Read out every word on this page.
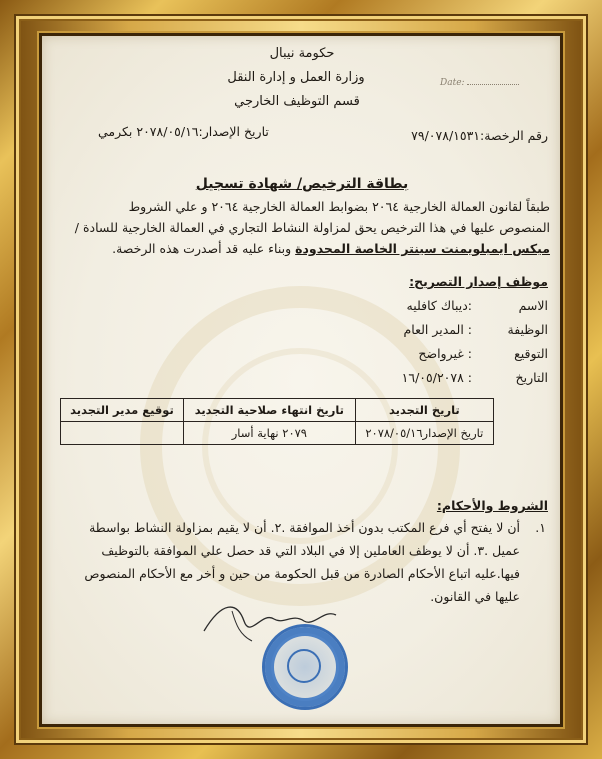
حكومة نيبال
وزارة العمل و إدارة النقل
قسم التوظيف الخارجي
Date:
رقم الرخصة:٧٩/٠٧٨/١٥٣١
تاريخ الإصدار:٢٠٧٨/٠٥/١٦ بكرمي
بطاقة الترخيص/ شهادة تسجيل
طبقاً لقانون العمالة الخارجية ٢٠٦٤ بضوابط العمالة الخارجية ٢٠٦٤ و علي الشروط
المنصوص عليها في هذا الترخيص يحق لمزاولة النشاط التجاري في العمالة الخارجية للسادة /
ميكس ايمبلويمنت سينتر الخاصة المحدودة وبناء عليه قد أصدرت هذه الرخصة.
موظف إصدار التصريح:
الاسم
:ديباك كافليه
الوظيفة
: المدير العام
التوقيع
: غيرواضح
التاريخ
: ١٦/٠٥/٢٠٧٨
تاريخ التجديد	تاريخ انتهاء صلاحية التجديد	توقيع مدير التجديد
تاريخ الإصدار٢٠٧٨/٠٥/١٦	٢٠٧٩ نهاية أسار	
الشروط والأحكام:
١.
أن لا يفتح أي فرع المكتب بدون أخذ الموافقة .٢. أن لا يقيم بمزاولة النشاط بواسطة
عميل .٣. أن لا يوظف العاملين إلا في البلاد التي قد حصل علي الموافقة بالتوظيف
فيها.عليه اتباع الأحكام الصادرة من قبل الحكومة من حين و أخر مع الأحكام المنصوص
عليها في القانون.
